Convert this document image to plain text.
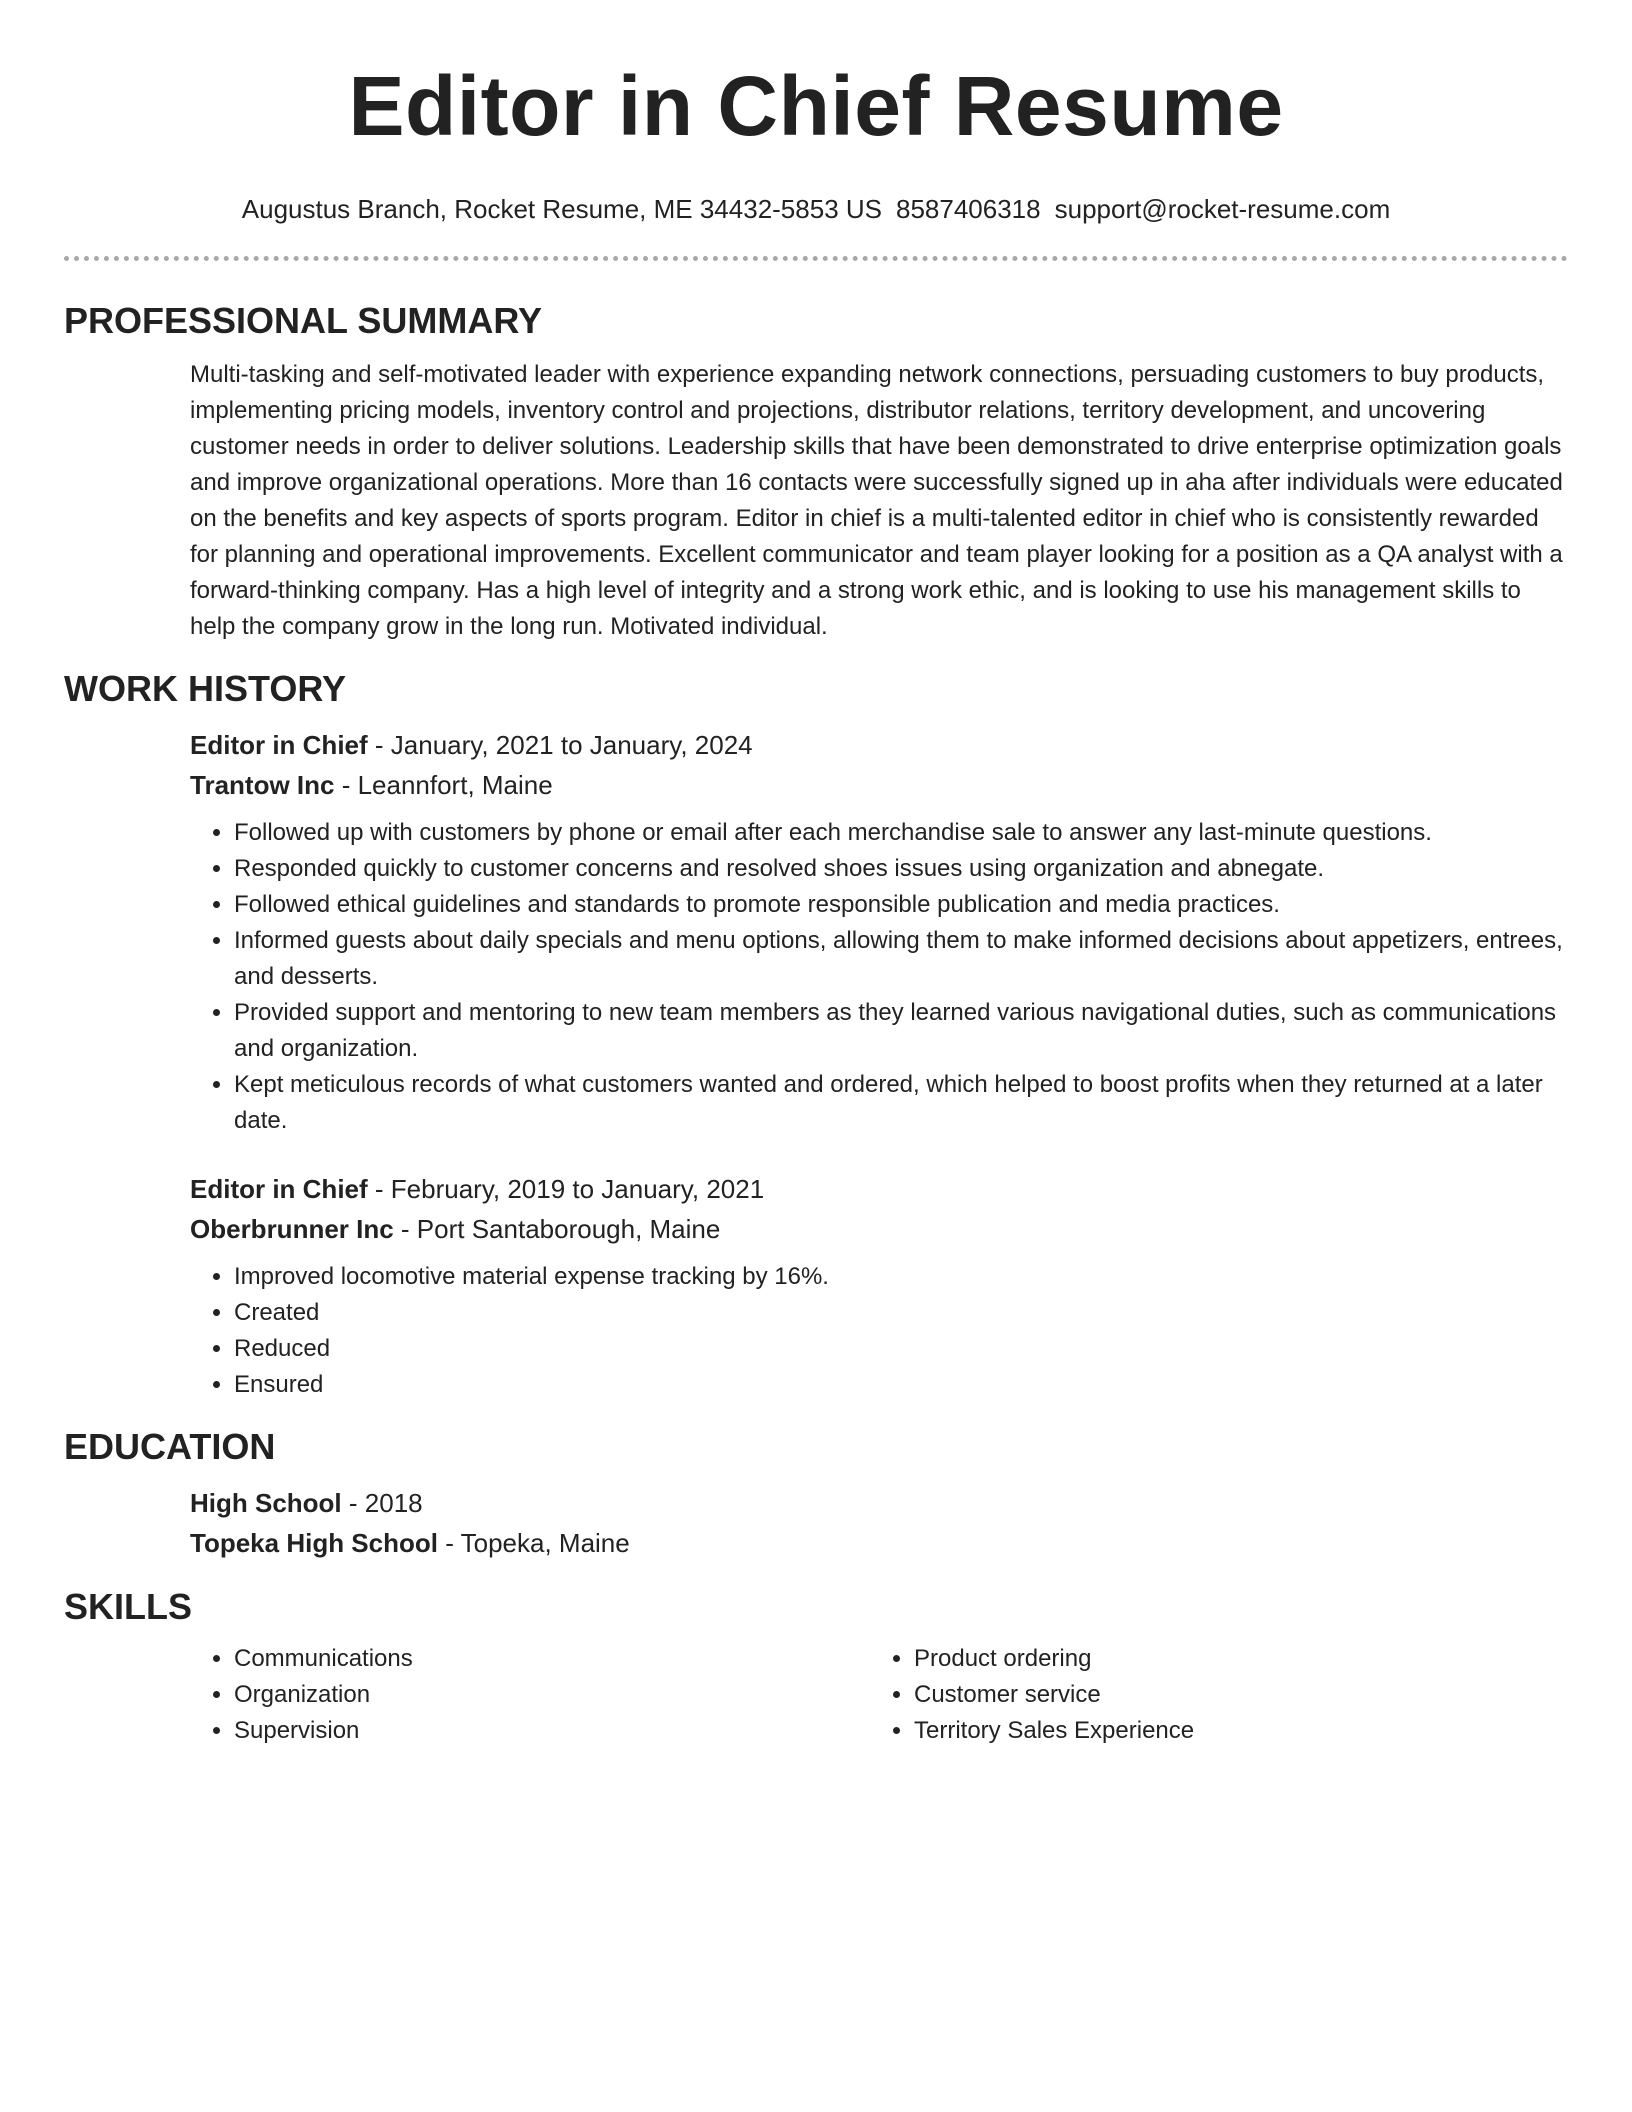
Editor in Chief Resume
Augustus Branch, Rocket Resume, ME 34432-5853 US 8587406318 support@rocket-resume.com
PROFESSIONAL SUMMARY
Multi-tasking and self-motivated leader with experience expanding network connections, persuading customers to buy products, implementing pricing models, inventory control and projections, distributor relations, territory development, and uncovering customer needs in order to deliver solutions. Leadership skills that have been demonstrated to drive enterprise optimization goals and improve organizational operations. More than 16 contacts were successfully signed up in aha after individuals were educated on the benefits and key aspects of sports program. Editor in chief is a multi-talented editor in chief who is consistently rewarded for planning and operational improvements. Excellent communicator and team player looking for a position as a QA analyst with a forward-thinking company. Has a high level of integrity and a strong work ethic, and is looking to use his management skills to help the company grow in the long run. Motivated individual.
WORK HISTORY
Editor in Chief - January, 2021 to January, 2024
Trantow Inc - Leannfort, Maine
• Followed up with customers by phone or email after each merchandise sale to answer any last-minute questions.
• Responded quickly to customer concerns and resolved shoes issues using organization and abnegate.
• Followed ethical guidelines and standards to promote responsible publication and media practices.
• Informed guests about daily specials and menu options, allowing them to make informed decisions about appetizers, entrees, and desserts.
• Provided support and mentoring to new team members as they learned various navigational duties, such as communications and organization.
• Kept meticulous records of what customers wanted and ordered, which helped to boost profits when they returned at a later date.
Editor in Chief - February, 2019 to January, 2021
Oberbrunner Inc - Port Santaborough, Maine
• Improved locomotive material expense tracking by 16%.
• Created
• Reduced
• Ensured
EDUCATION
High School - 2018
Topeka High School - Topeka, Maine
SKILLS
• Communications
• Organization
• Supervision
• Product ordering
• Customer service
• Territory Sales Experience
